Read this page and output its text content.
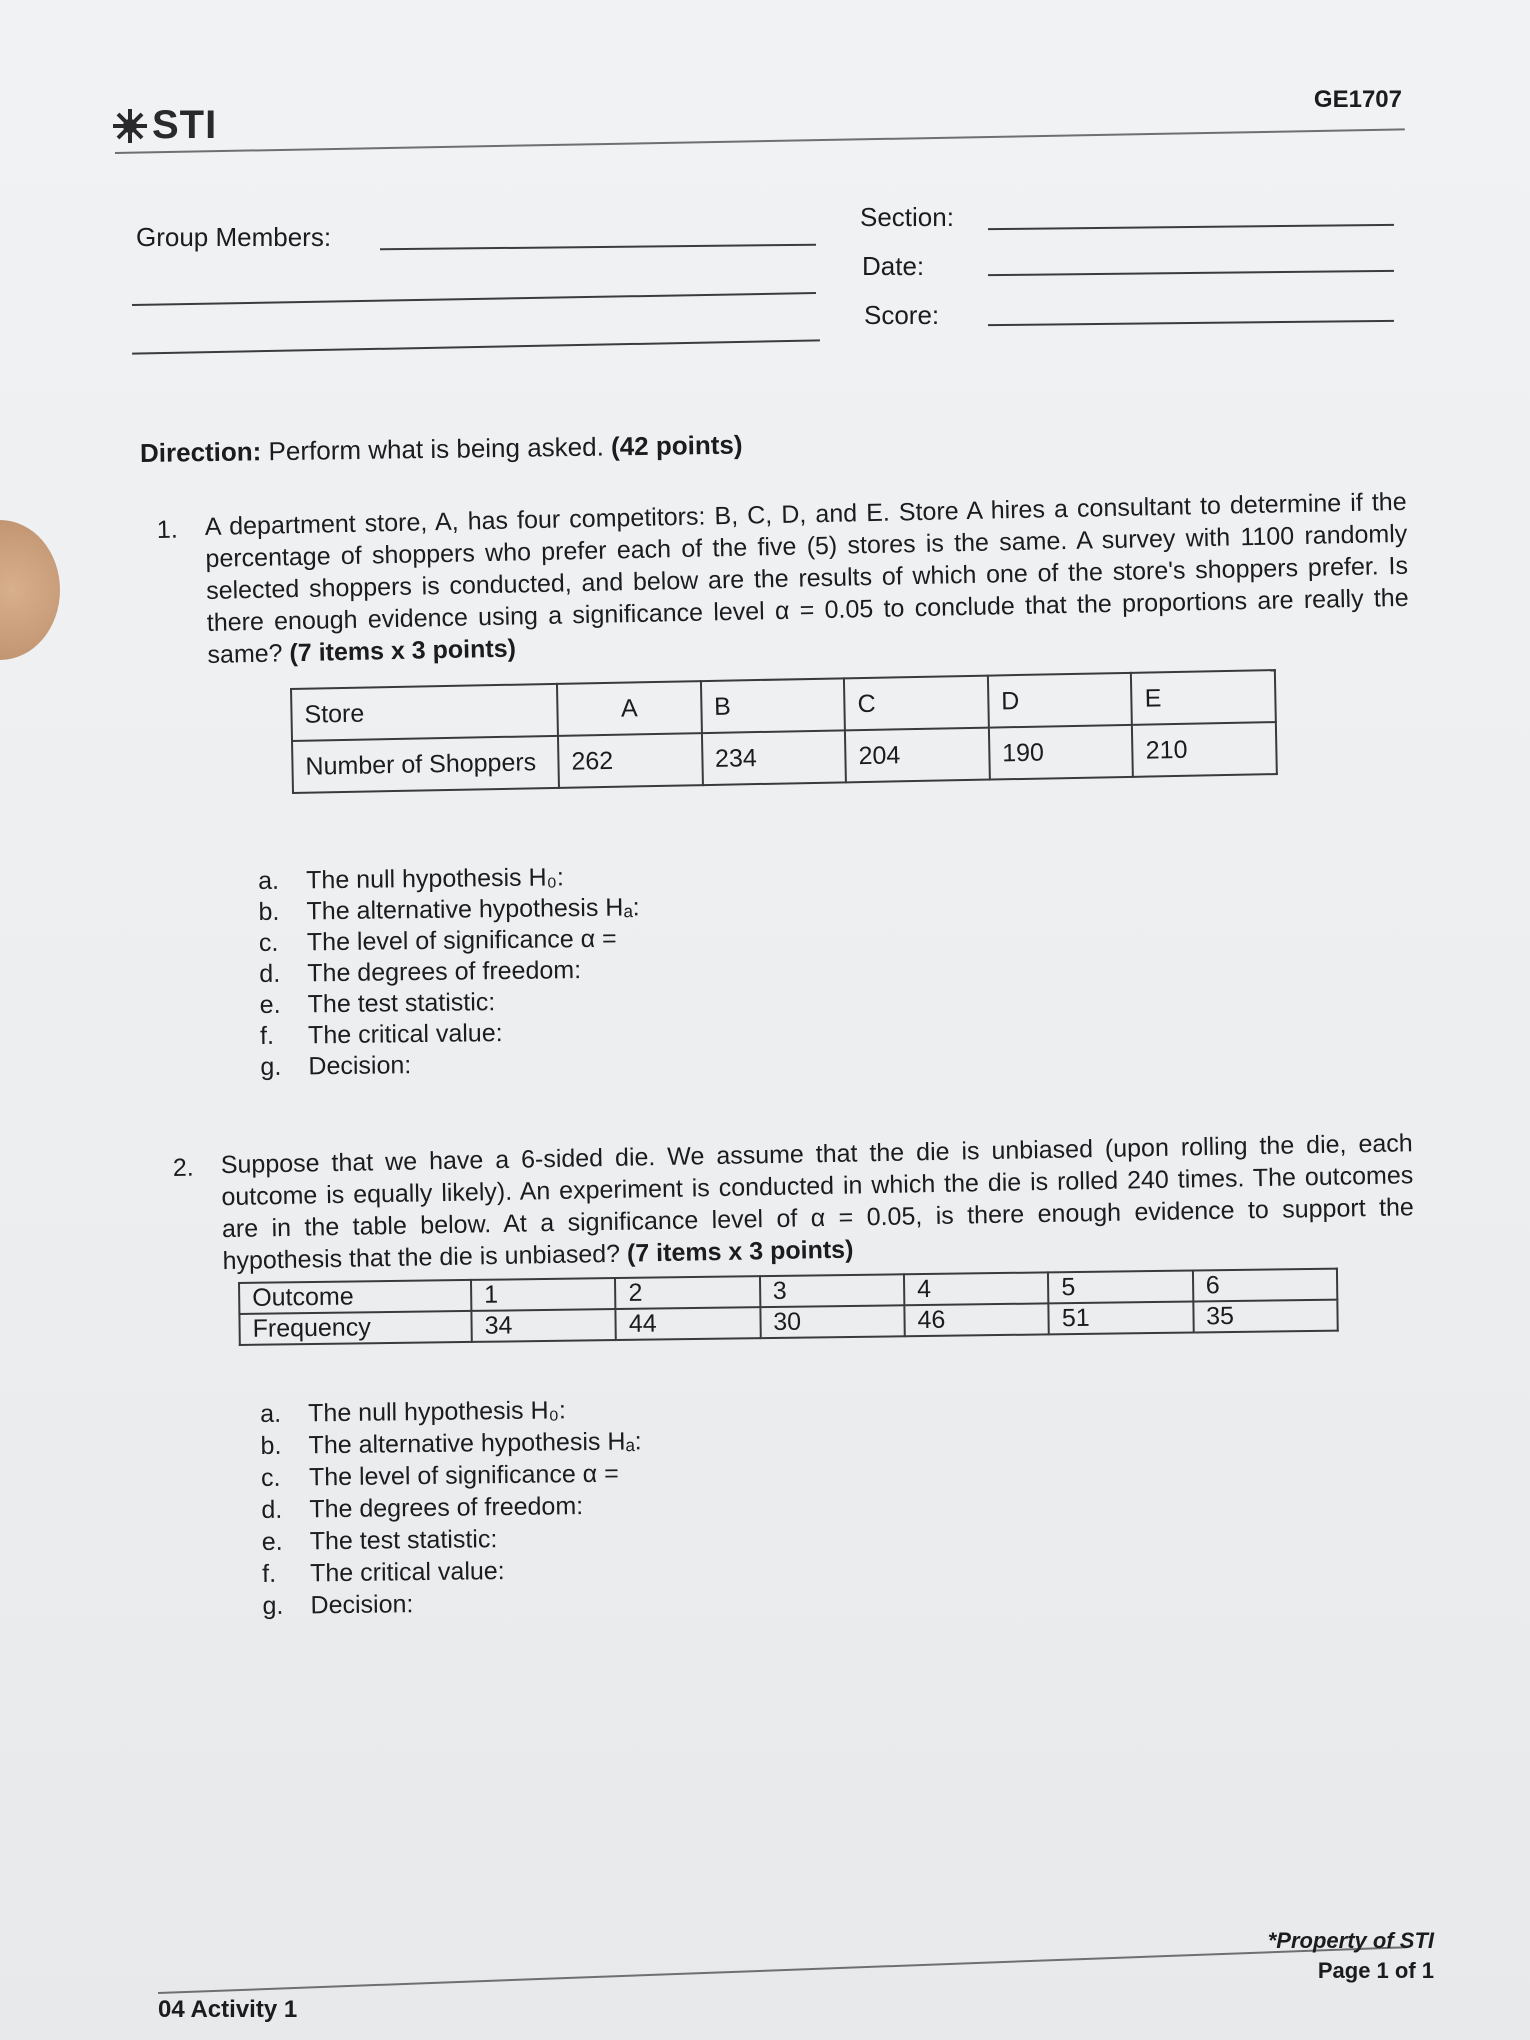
STI
GE1707
Group Members:
Section:
Date:
Score:
Direction: Perform what is being asked. (42 points)
1. A department store, A, has four competitors: B, C, D, and E. Store A hires a consultant to determine if the percentage of shoppers who prefer each of the five (5) stores is the same. A survey with 1100 randomly selected shoppers is conducted, and below are the results of which one of the store's shoppers prefer. Is there enough evidence using a significance level α = 0.05 to conclude that the proportions are really the same? (7 items x 3 points)
Store	A	B	C	D	E
Number of Shoppers	262	234	204	190	210
a.	The null hypothesis H₀:
b.	The alternative hypothesis Hₐ:
c.	The level of significance α =
d.	The degrees of freedom:
e.	The test statistic:
f.	The critical value:
g.	Decision:
2. Suppose that we have a 6-sided die. We assume that the die is unbiased (upon rolling the die, each outcome is equally likely). An experiment is conducted in which the die is rolled 240 times. The outcomes are in the table below. At a significance level of α = 0.05, is there enough evidence to support the hypothesis that the die is unbiased? (7 items x 3 points)
Outcome	1	2	3	4	5	6
Frequency	34	44	30	46	51	35
a.	The null hypothesis H₀:
b.	The alternative hypothesis Hₐ:
c.	The level of significance α =
d.	The degrees of freedom:
e.	The test statistic:
f.	The critical value:
g.	Decision:
04 Activity 1
*Property of STI
Page 1 of 1
